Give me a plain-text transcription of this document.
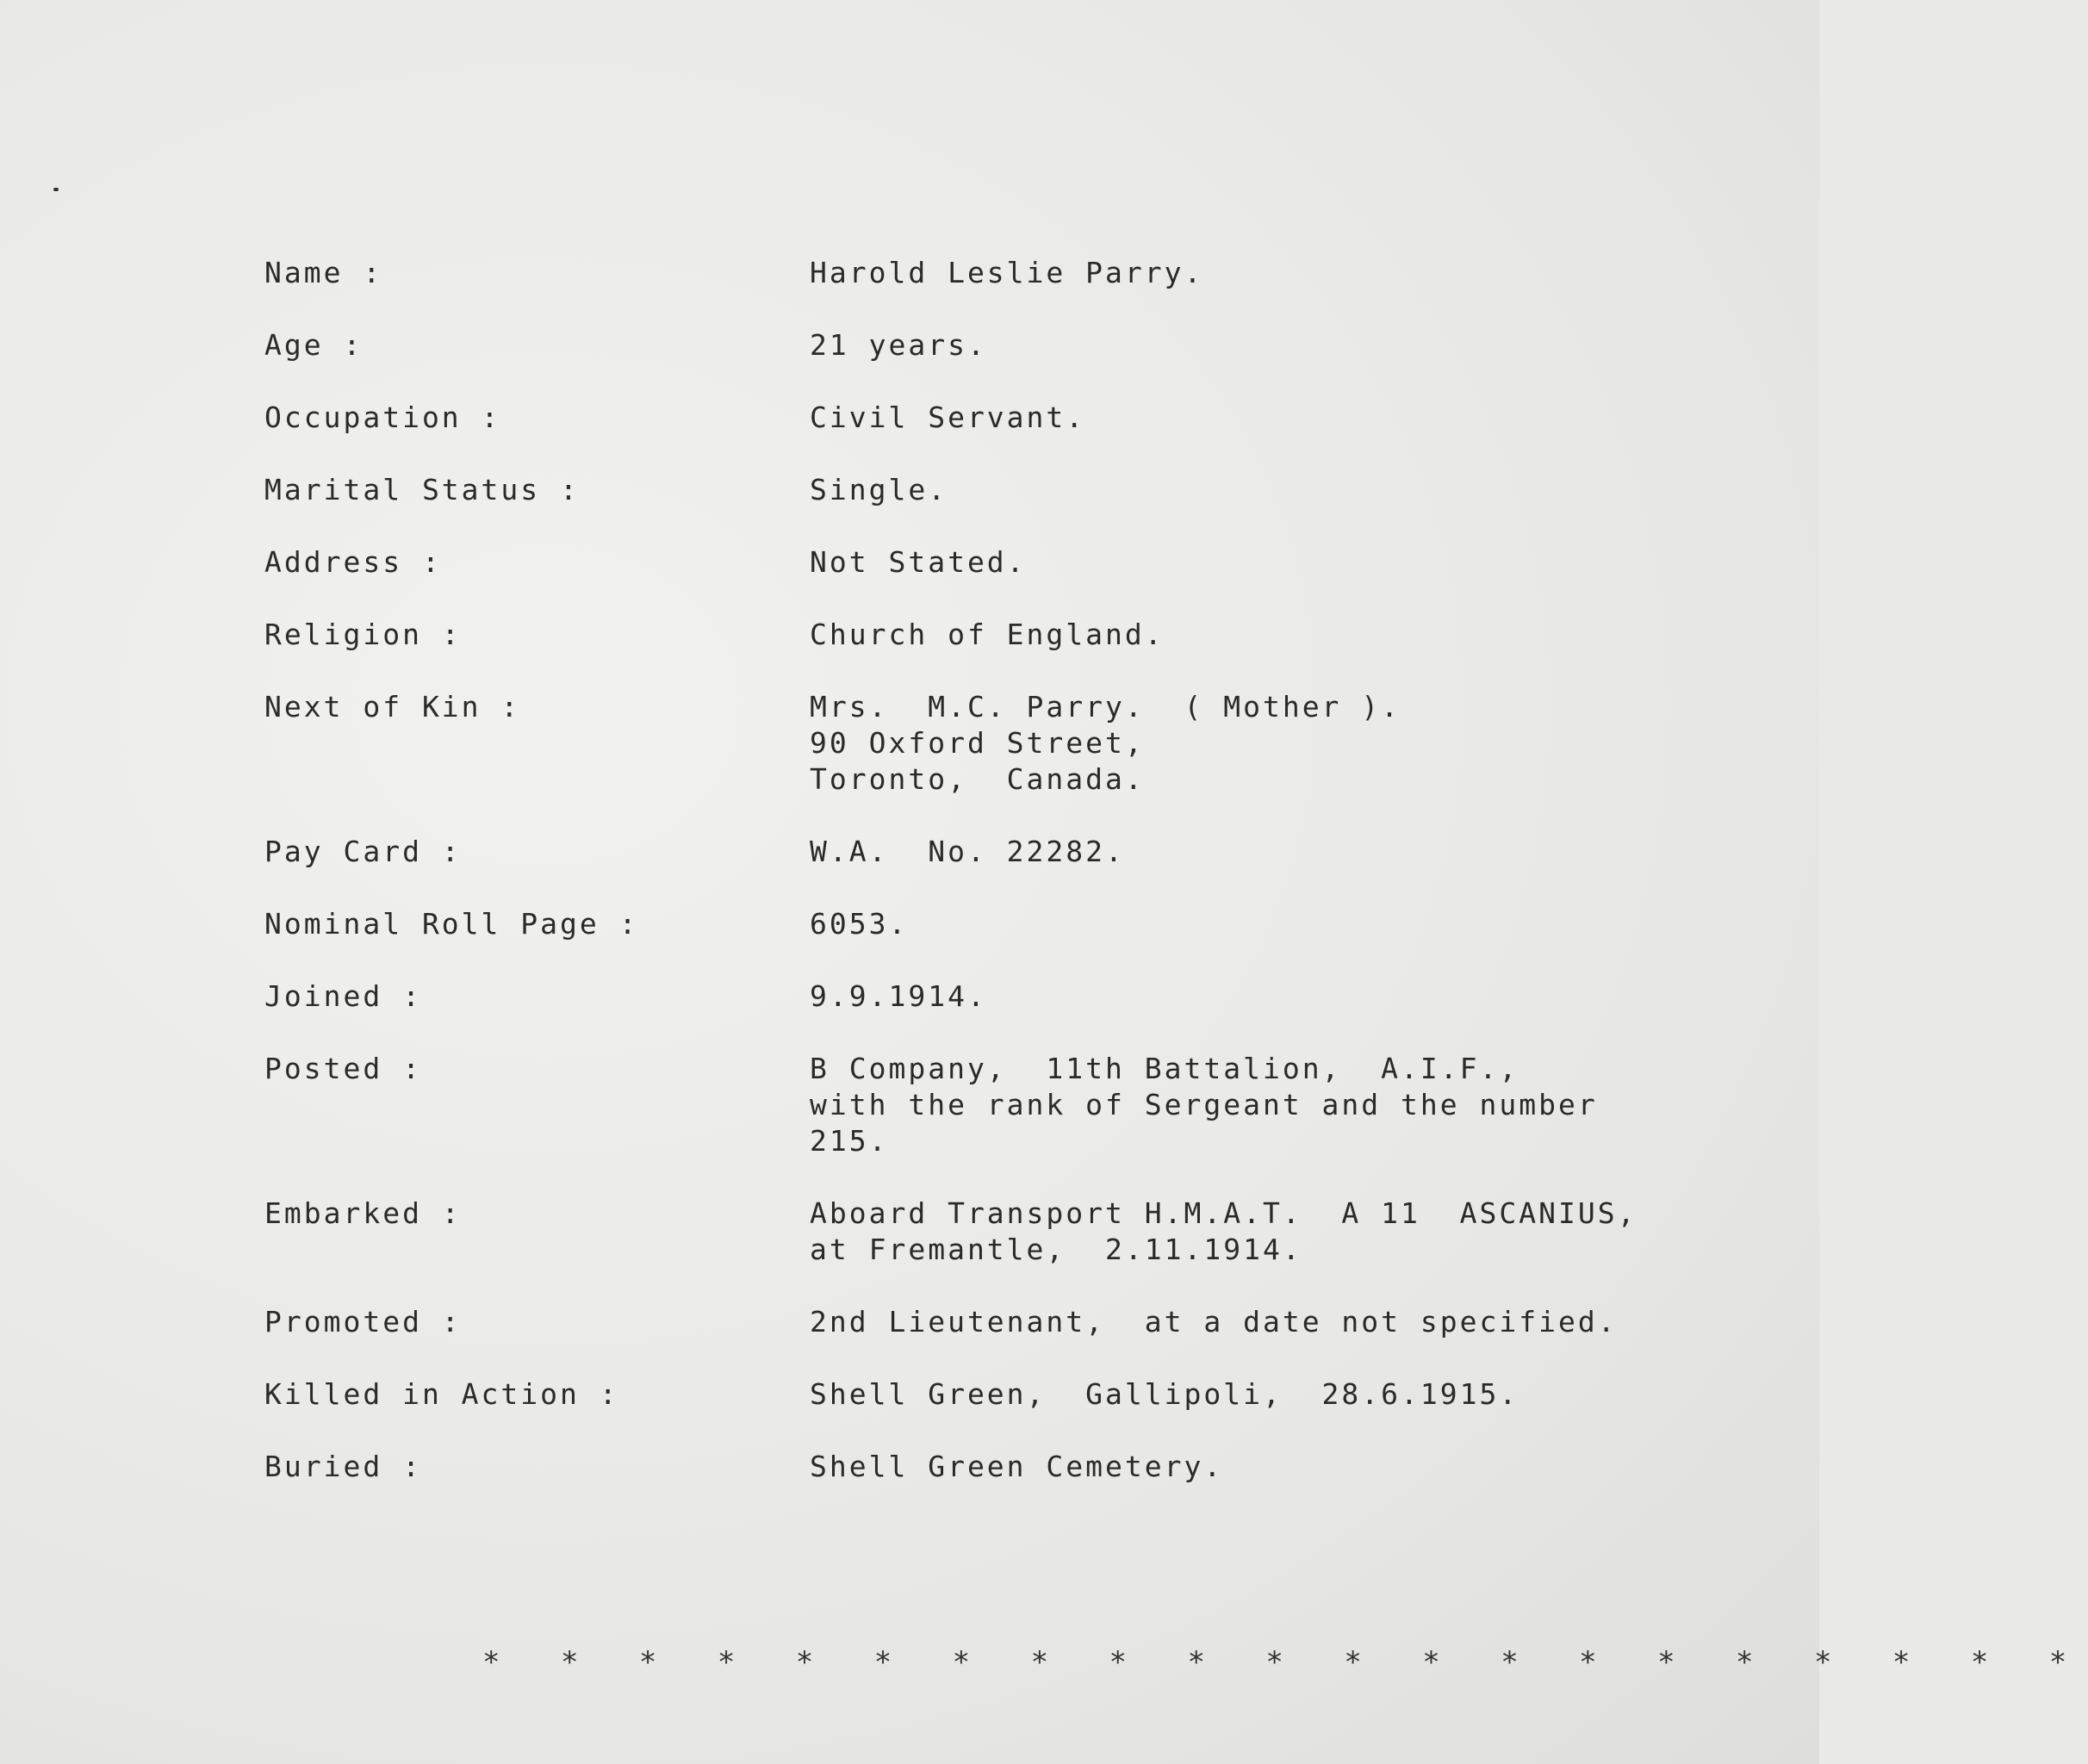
Name :	Harold Leslie Parry.
Age :	21 years.
Occupation :	Civil Servant.
Marital Status :	Single.
Address :	Not Stated.
Religion :	Church of England.
Next of Kin :	Mrs.  M.C. Parry.  ( Mother ).
90 Oxford Street,
Toronto,  Canada.
Pay Card :	W.A.  No. 22282.
Nominal Roll Page :	6053.
Joined :	9.9.1914.
Posted :	B Company,  11th Battalion,  A.I.F.,
with the rank of Sergeant and the number
215.
Embarked :	Aboard Transport H.M.A.T.  A 11  ASCANIUS,
at Fremantle,  2.11.1914.
Promoted :	2nd Lieutenant,  at a date not specified.
Killed in Action :	Shell Green,  Gallipoli,  28.6.1915.
Buried :	Shell Green Cemetery.
* * * * * * * * * * * * * * * * * * * * *
